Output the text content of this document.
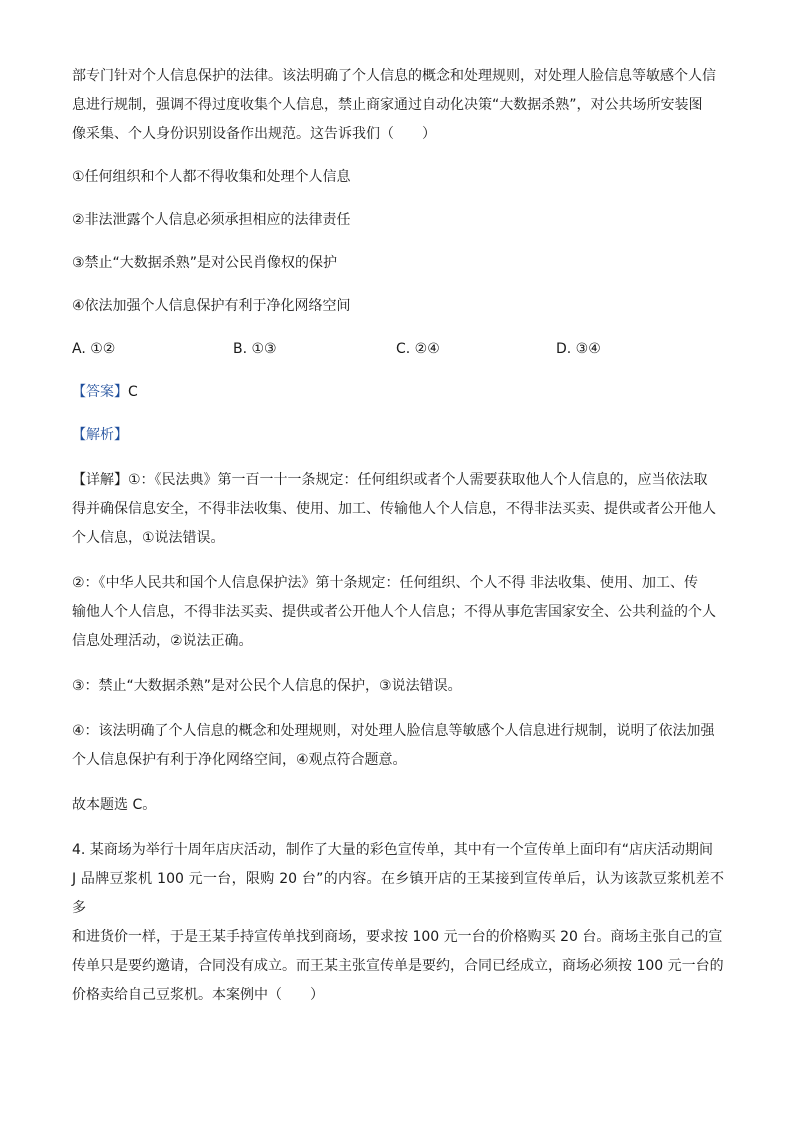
部专门针对个人信息保护的法律。该法明确了个人信息的概念和处理规则，对处理人脸信息等敏感个人信
息进行规制，强调不得过度收集个人信息，禁止商家通过自动化决策“大数据杀熟”，对公共场所安装图
像采集、个人身份识别设备作出规范。这告诉我们（　　）

①任何组织和个人都不得收集和处理个人信息

②非法泄露个人信息必须承担相应的法律责任

③禁止“大数据杀熟”是对公民肖像权的保护

④依法加强个人信息保护有利于净化网络空间

A. ①②	B. ①③	C. ②④	D. ③④
【答案】C
【解析】

【详解】①：《民法典》第一百一十一条规定：任何组织或者个人需要获取他人个人信息的，应当依法取
得并确保信息安全，不得非法收集、使用、加工、传输他人个人信息，不得非法买卖、提供或者公开他人
个人信息，①说法错误。

②：《中华人民共和国个人信息保护法》第十条规定：任何组织、个人不得 非法收集、使用、加工、传
输他人个人信息，不得非法买卖、提供或者公开他人个人信息；不得从事危害国家安全、公共利益的个人
信息处理活动，②说法正确。

③：禁止“大数据杀熟”是对公民个人信息的保护，③说法错误。

④：该法明确了个人信息的概念和处理规则，对处理人脸信息等敏感个人信息进行规制，说明了依法加强
个人信息保护有利于净化网络空间，④观点符合题意。

故本题选 C。

4. 某商场为举行十周年店庆活动，制作了大量的彩色宣传单，其中有一个宣传单上面印有“店庆活动期间
J 品牌豆浆机 100 元一台，限购 20 台”的内容。在乡镇开店的王某接到宣传单后，认为该款豆浆机差不多
和进货价一样，于是王某手持宣传单找到商场，要求按 100 元一台的价格购买 20 台。商场主张自己的宣
传单只是要约邀请，合同没有成立。而王某主张宣传单是要约，合同已经成立，商场必须按 100 元一台的
价格卖给自己豆浆机。本案例中（　　）
